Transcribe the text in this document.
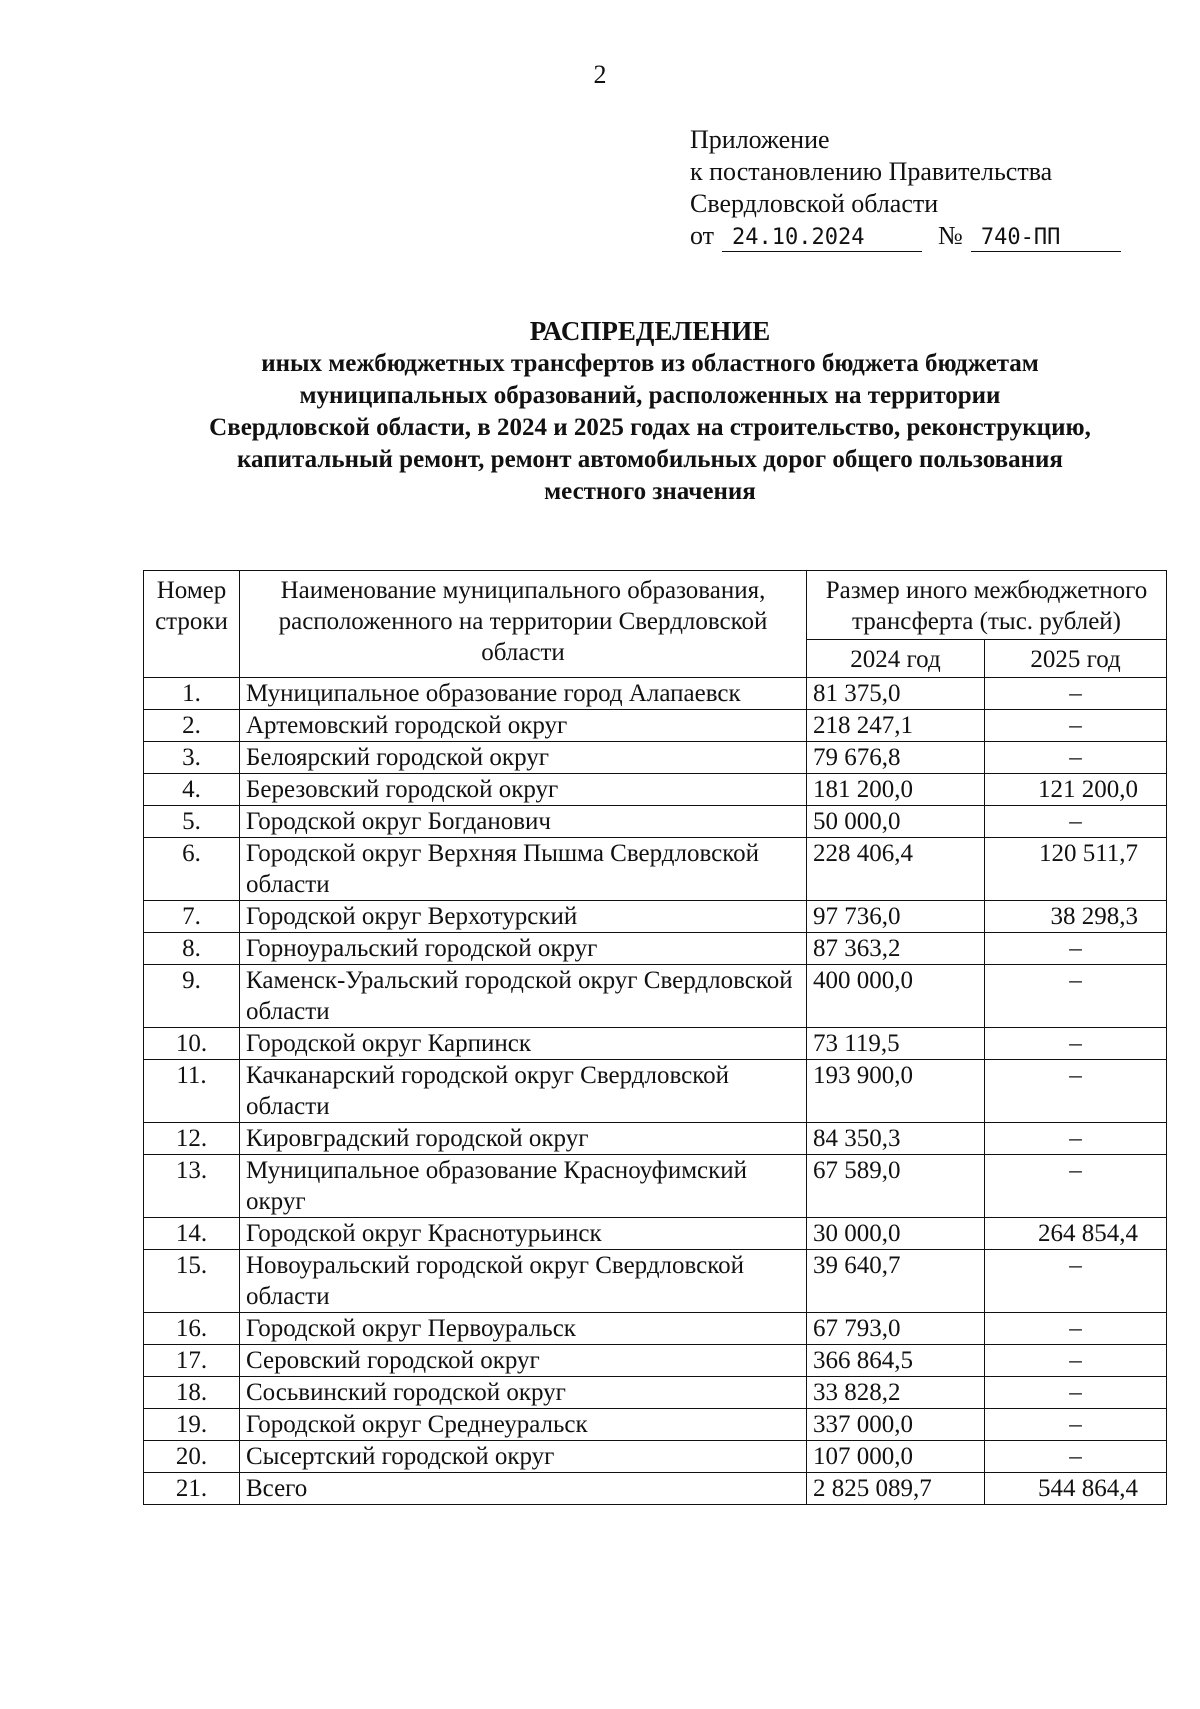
2
Приложение
к постановлению Правительства
Свердловской области
от 24.10.2024	№ 740-ПП
РАСПРЕДЕЛЕНИЕ
иных межбюджетных трансфертов из областного бюджета бюджетам
муниципальных образований, расположенных на территории
Свердловской области, в 2024 и 2025 годах на строительство, реконструкцию,
капитальный ремонт, ремонт автомобильных дорог общего пользования
местного значения
Номер строки	Наименование муниципального образования, расположенного на территории Свердловской области	Размер иного межбюджетного трансферта (тыс. рублей)	
		2024 год	2025 год
1.	Муниципальное образование город Алапаевск	81 375,0	–
2.	Артемовский городской округ	218 247,1	–
3.	Белоярский городской округ	79 676,8	–
4.	Березовский городской округ	181 200,0	121 200,0
5.	Городской округ Богданович	50 000,0	–
6.	Городской округ Верхняя Пышма Свердловской области	228 406,4	120 511,7
7.	Городской округ Верхотурский	97 736,0	38 298,3
8.	Горноуральский городской округ	87 363,2	–
9.	Каменск-Уральский городской округ Свердловской области	400 000,0	–
10.	Городской округ Карпинск	73 119,5	–
11.	Качканарский городской округ Свердловской области	193 900,0	–
12.	Кировградский городской округ	84 350,3	–
13.	Муниципальное образование Красноуфимский округ	67 589,0	–
14.	Городской округ Краснотурьинск	30 000,0	264 854,4
15.	Новоуральский городской округ Свердловской области	39 640,7	–
16.	Городской округ Первоуральск	67 793,0	–
17.	Серовский городской округ	366 864,5	–
18.	Сосьвинский городской округ	33 828,2	–
19.	Городской округ Среднеуральск	337 000,0	–
20.	Сысертский городской округ	107 000,0	–
21.	Всего	2 825 089,7	544 864,4
